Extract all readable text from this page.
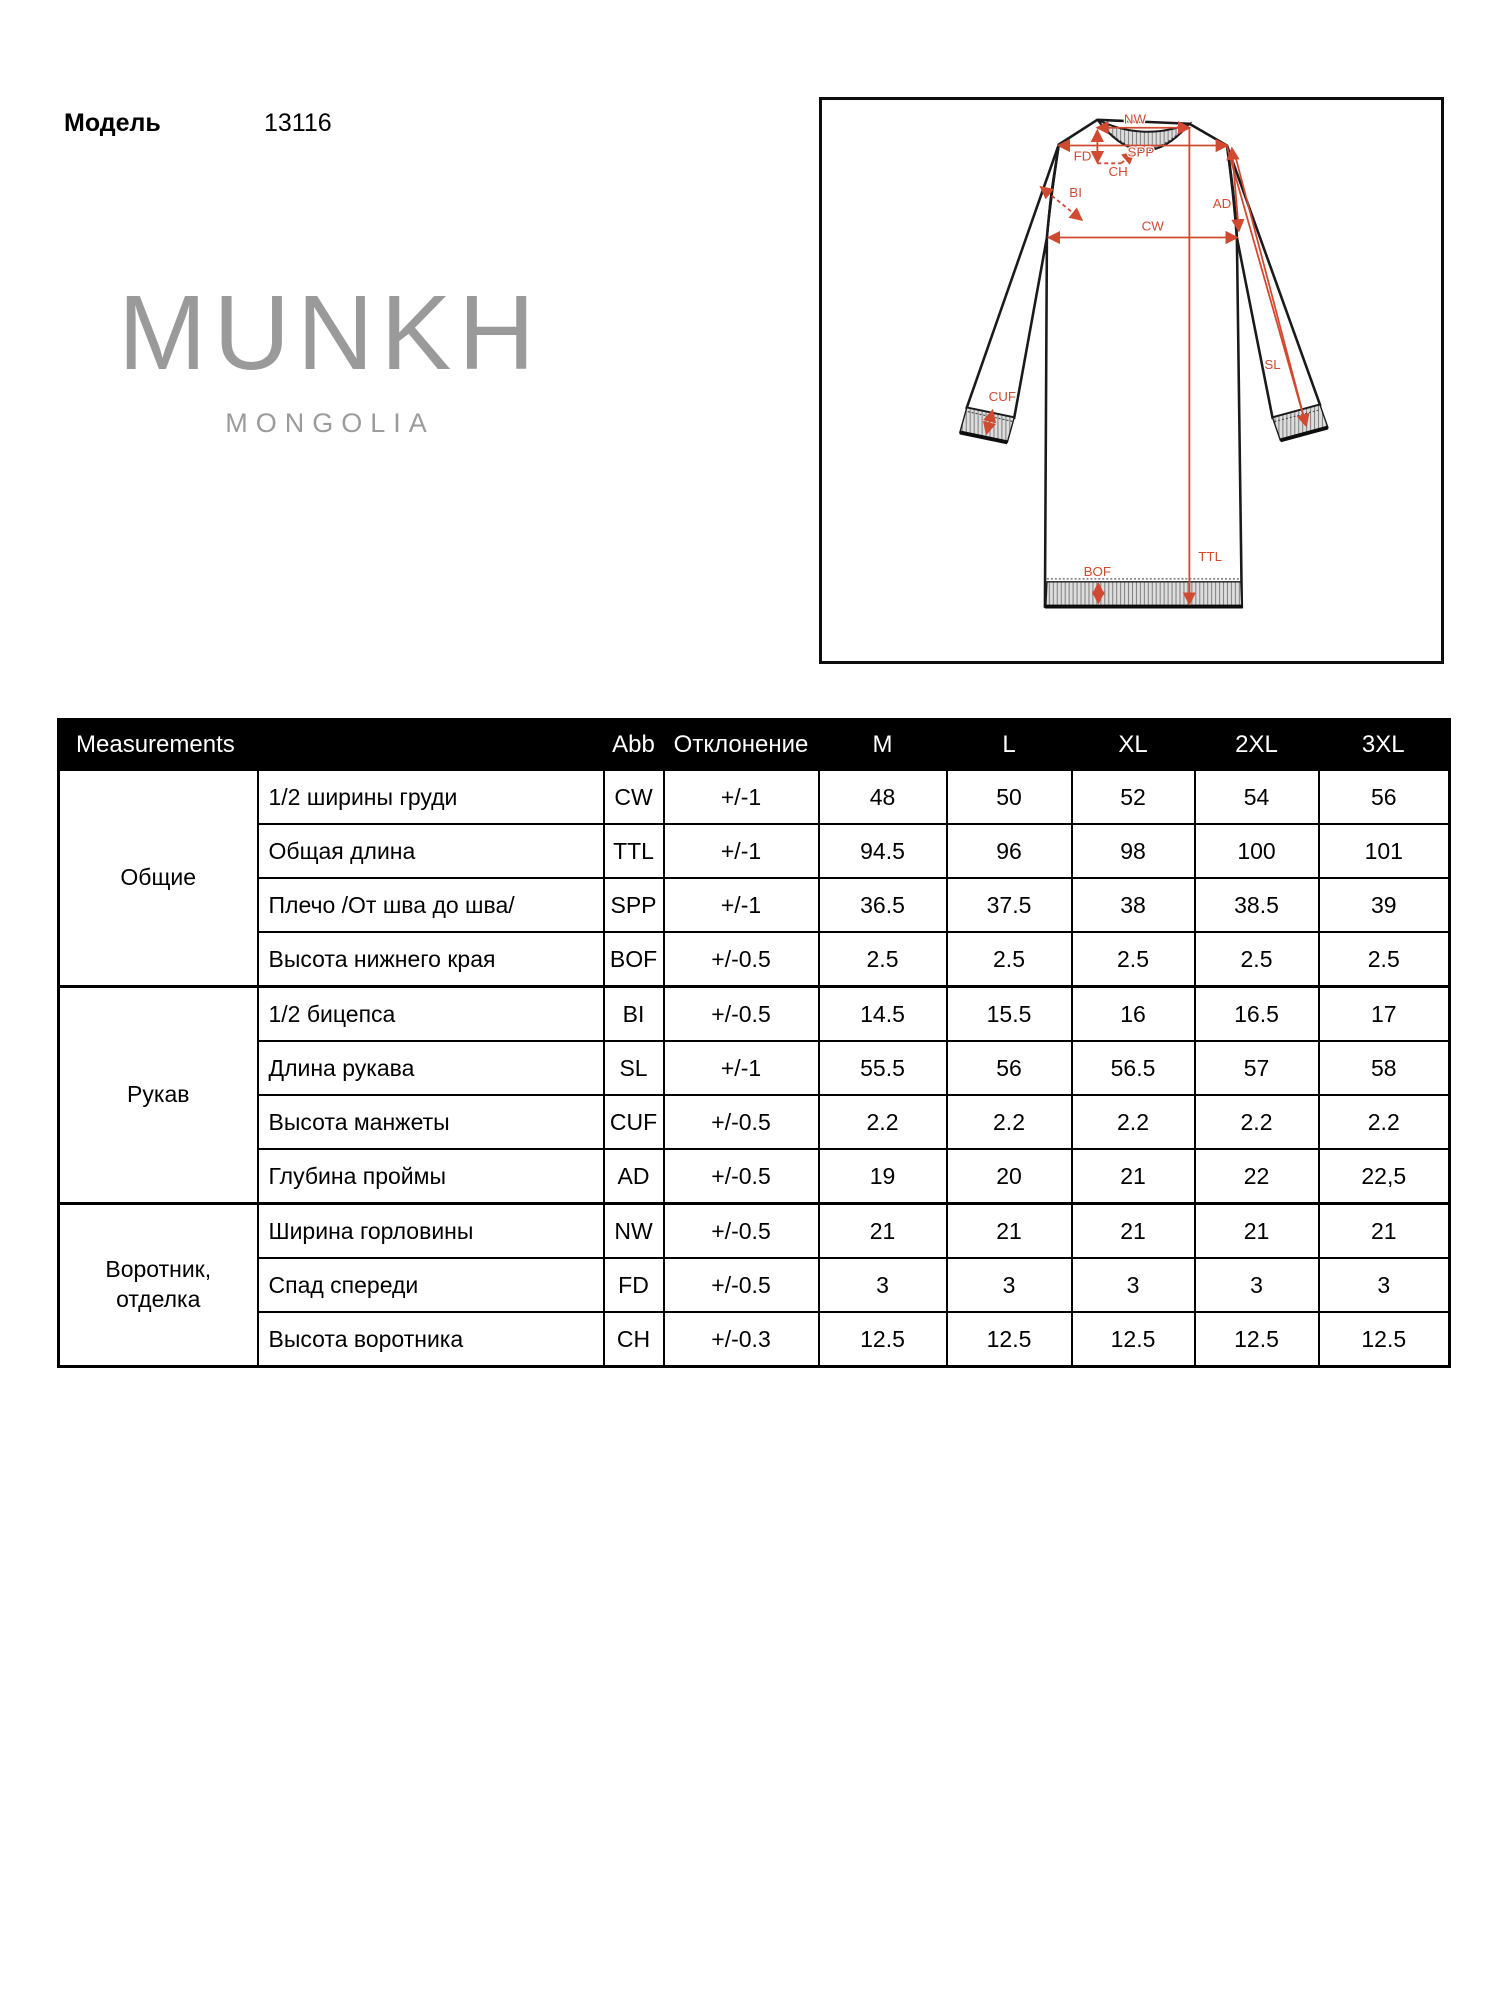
Модель	13116
MUNKH
MONGOLIA
NW
SPP
FD
CH
BI
AD
CW
TTL
SL
CUF
BOF
Measurements		Abb	Отклонение	M	L	XL	2XL	3XL
Общие	1/2 ширины груди	CW	+/-1	48	50	52	54	56
	Общая длина	TTL	+/-1	94.5	96	98	100	101
	Плечо /От шва до шва/	SPP	+/-1	36.5	37.5	38	38.5	39
	Высота нижнего края	BOF	+/-0.5	2.5	2.5	2.5	2.5	2.5
Рукав	1/2 бицепса	BI	+/-0.5	14.5	15.5	16	16.5	17
	Длина рукава	SL	+/-1	55.5	56	56.5	57	58
	Высота манжеты	CUF	+/-0.5	2.2	2.2	2.2	2.2	2.2
	Глубина проймы	AD	+/-0.5	19	20	21	22	22,5
Воротник, отделка	Ширина горловины	NW	+/-0.5	21	21	21	21	21
	Спад спереди	FD	+/-0.5	3	3	3	3	3
	Высота воротника	CH	+/-0.3	12.5	12.5	12.5	12.5	12.5
